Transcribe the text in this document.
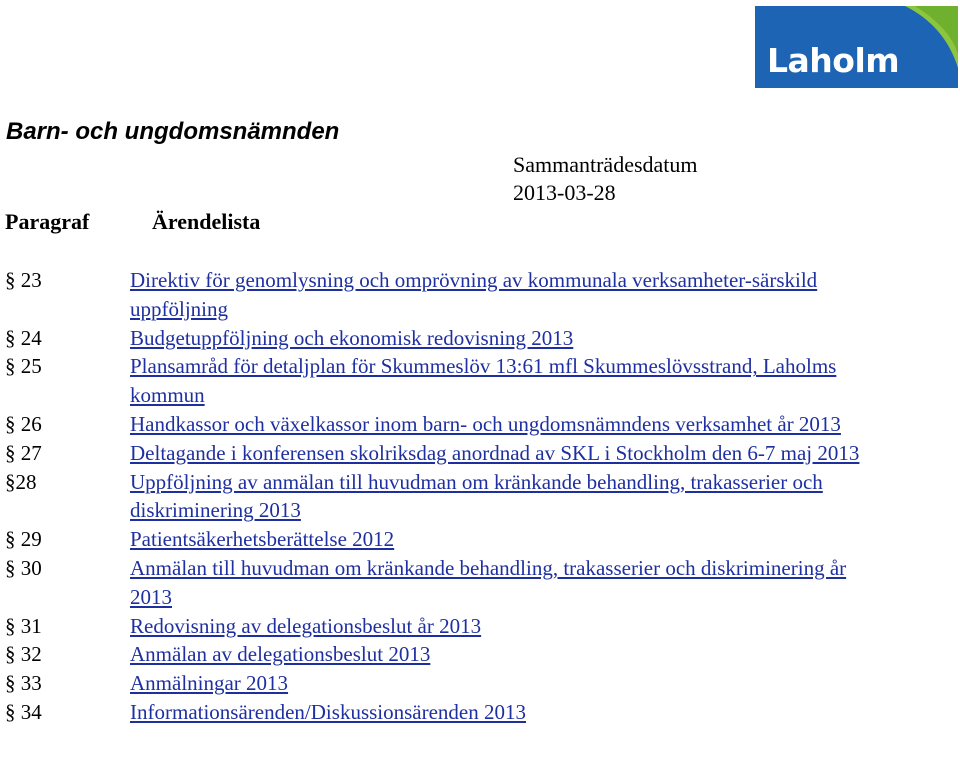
Laholm
Barn- och ungdomsnämnden
Sammanträdesdatum
2013-03-28
Paragraf	Ärendelista
§ 23	Direktiv för genomlysning och omprövning av kommunala verksamheter-särskild uppföljning
§ 24	Budgetuppföljning och ekonomisk redovisning 2013
§ 25	Plansamråd för detaljplan för Skummeslöv 13:61 mfl Skummeslövsstrand, Laholms kommun
§ 26	Handkassor och växelkassor inom barn- och ungdomsnämndens verksamhet år 2013
§ 27	Deltagande i konferensen skolriksdag anordnad av SKL i Stockholm den 6-7 maj 2013
§28	Uppföljning av anmälan till huvudman om kränkande behandling, trakasserier och diskriminering 2013
§ 29	Patientsäkerhetsberättelse 2012
§ 30	Anmälan till huvudman om kränkande behandling, trakasserier och diskriminering år 2013
§ 31	Redovisning av delegationsbeslut år 2013
§ 32	Anmälan av delegationsbeslut 2013
§ 33	Anmälningar 2013
§ 34	Informationsärenden/Diskussionsärenden 2013
